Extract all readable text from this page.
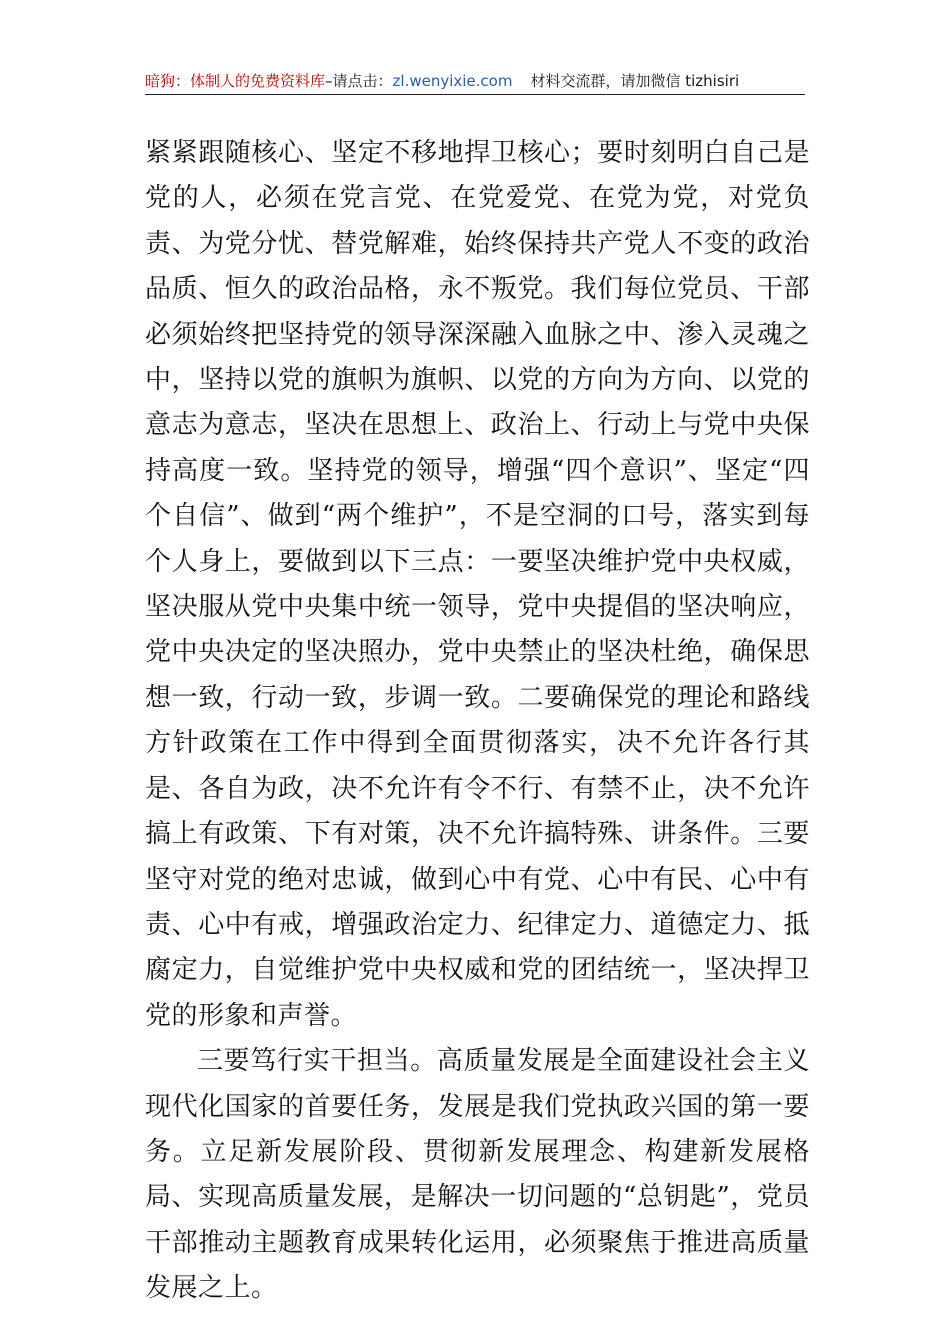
暗狗：体制人的免费资料库–请点击：zl.wenyixie.com 材料交流群，请加微信 tizhisiri

紧紧跟随核心、坚定不移地捍卫核心；要时刻明白自己是党的人，必须在党言党、在党爱党、在党为党，对党负责、为党分忧、替党解难，始终保持共产党人不变的政治品质、恒久的政治品格，永不叛党。我们每位党员、干部必须始终把坚持党的领导深深融入血脉之中、渗入灵魂之中，坚持以党的旗帜为旗帜、以党的方向为方向、以党的意志为意志，坚决在思想上、政治上、行动上与党中央保持高度一致。坚持党的领导，增强“四个意识”、坚定“四个自信”、做到“两个维护”，不是空洞的口号，落实到每个人身上，要做到以下三点：一要坚决维护党中央权威，坚决服从党中央集中统一领导，党中央提倡的坚决响应，党中央决定的坚决照办，党中央禁止的坚决杜绝，确保思想一致，行动一致，步调一致。二要确保党的理论和路线方针政策在工作中得到全面贯彻落实，决不允许各行其是、各自为政，决不允许有令不行、有禁不止，决不允许搞上有政策、下有对策，决不允许搞特殊、讲条件。三要坚守对党的绝对忠诚，做到心中有党、心中有民、心中有责、心中有戒，增强政治定力、纪律定力、道德定力、抵腐定力，自觉维护党中央权威和党的团结统一，坚决捍卫党的形象和声誉。

三要笃行实干担当。高质量发展是全面建设社会主义现代化国家的首要任务，发展是我们党执政兴国的第一要务。立足新发展阶段、贯彻新发展理念、构建新发展格局、实现高质量发展，是解决一切问题的“总钥匙”，党员干部推动主题教育成果转化运用，必须聚焦于推进高质量发展之上。
